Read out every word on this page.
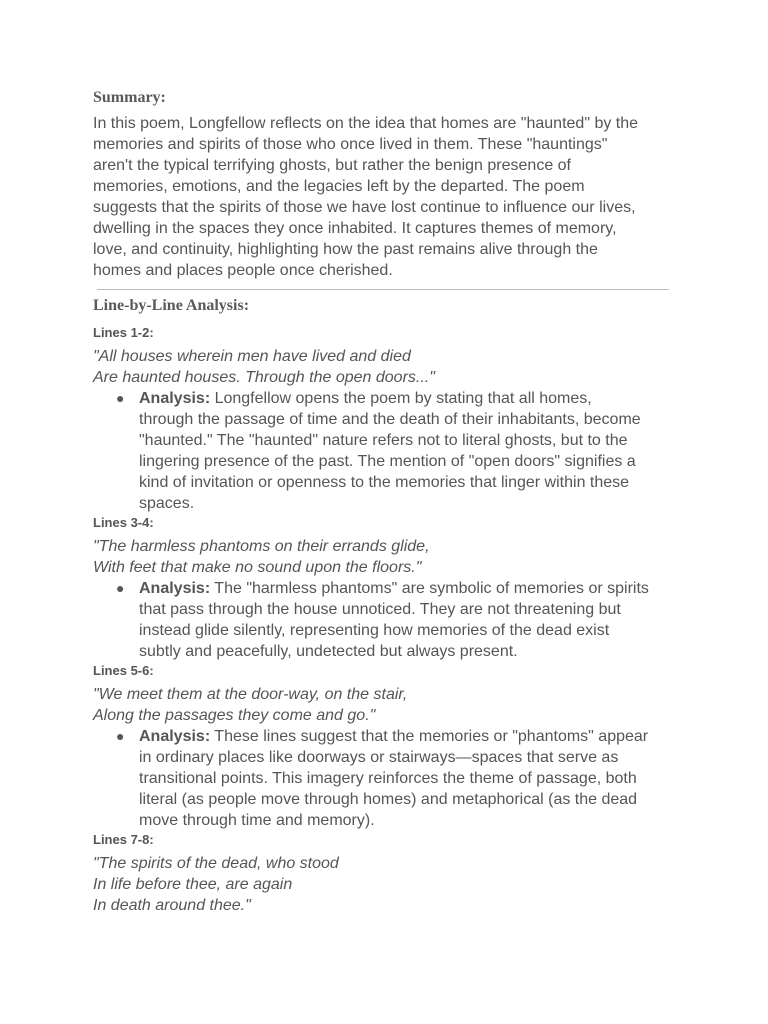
Summary:

In this poem, Longfellow reflects on the idea that homes are "haunted" by the

memories and spirits of those who once lived in them. These "hauntings"

aren't the typical terrifying ghosts, but rather the benign presence of

memories, emotions, and the legacies left by the departed. The poem

suggests that the spirits of those we have lost continue to influence our lives,

dwelling in the spaces they once inhabited. It captures themes of memory,

love, and continuity, highlighting how the past remains alive through the

homes and places people once cherished.

Line-by-Line Analysis:

Lines 1-2:

"All houses wherein men have lived and died

Are haunted houses. Through the open doors..."

● Analysis: Longfellow opens the poem by stating that all homes,
through the passage of time and the death of their inhabitants, become
"haunted." The "haunted" nature refers not to literal ghosts, but to the
lingering presence of the past. The mention of "open doors" signifies a
kind of invitation or openness to the memories that linger within these
spaces.

Lines 3-4:

"The harmless phantoms on their errands glide,

With feet that make no sound upon the floors."

● Analysis: The "harmless phantoms" are symbolic of memories or spirits
that pass through the house unnoticed. They are not threatening but
instead glide silently, representing how memories of the dead exist
subtly and peacefully, undetected but always present.

Lines 5-6:

"We meet them at the door-way, on the stair,

Along the passages they come and go."

● Analysis: These lines suggest that the memories or "phantoms" appear
in ordinary places like doorways or stairways—spaces that serve as
transitional points. This imagery reinforces the theme of passage, both
literal (as people move through homes) and metaphorical (as the dead
move through time and memory).

Lines 7-8:

"The spirits of the dead, who stood

In life before thee, are again

In death around thee."
